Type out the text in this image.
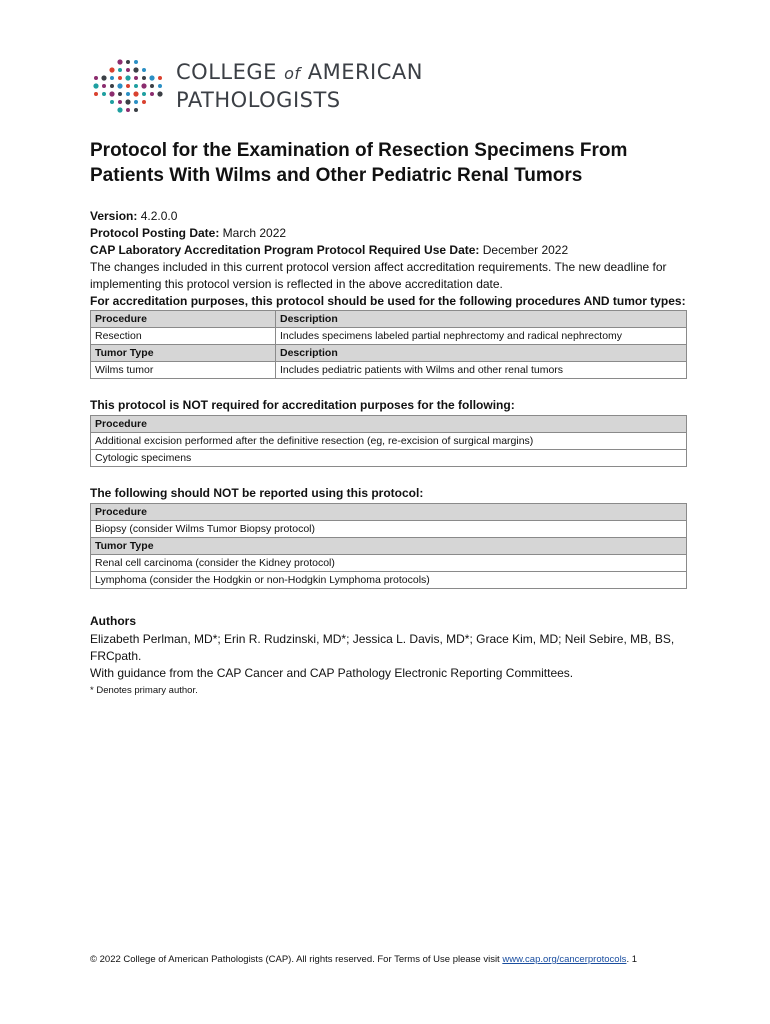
COLLEGE of AMERICAN
PATHOLOGISTS
Protocol for the Examination of Resection Specimens From
Patients With Wilms and Other Pediatric Renal Tumors

Version: 4.2.0.0

Protocol Posting Date: March 2022

CAP Laboratory Accreditation Program Protocol Required Use Date: December 2022

The changes included in this current protocol version affect accreditation requirements. The new deadline for implementing this protocol version is reflected in the above accreditation date.

For accreditation purposes, this protocol should be used for the following procedures AND tumor types:

Procedure	Description
Resection	Includes specimens labeled partial nephrectomy and radical nephrectomy
Tumor Type	Description
Wilms tumor	Includes pediatric patients with Wilms and other renal tumors
This protocol is NOT required for accreditation purposes for the following:
Procedure
Additional excision performed after the definitive resection (eg, re-excision of surgical margins)
Cytologic specimens
The following should NOT be reported using this protocol:
Procedure
Biopsy (consider Wilms Tumor Biopsy protocol)
Tumor Type
Renal cell carcinoma (consider the Kidney protocol)
Lymphoma (consider the Hodgkin or non-Hodgkin Lymphoma protocols)
Authors

Elizabeth Perlman, MD*; Erin R. Rudzinski, MD*; Jessica L. Davis, MD*; Grace Kim, MD; Neil Sebire, MB, BS, FRCpath.

With guidance from the CAP Cancer and CAP Pathology Electronic Reporting Committees.

* Denotes primary author.

© 2022 College of American Pathologists (CAP). All rights reserved. For Terms of Use please visit www.cap.org/cancerprotocols. 1
